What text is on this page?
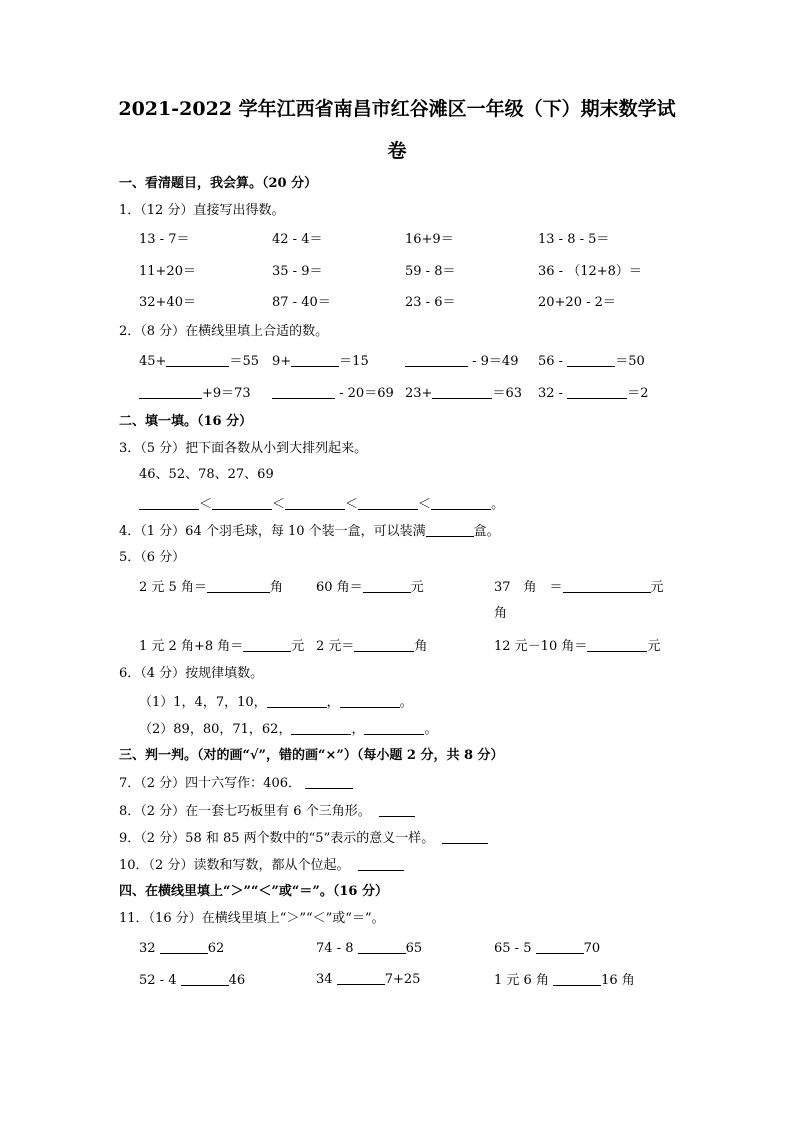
2021-2022 学年江西省南昌市红谷滩区一年级（下）期末数学试
卷
一、看清题目，我会算。（20 分）
1．（12 分）直接写出得数。
13 - 7＝	42 - 4＝	16+9＝	13 - 8 - 5＝
11+20＝	35 - 9＝	59 - 8＝	36 - （12+8）＝
32+40＝	87 - 40＝	23 - 6＝	20+20 - 2＝
2．（8 分）在横线里填上合适的数。
45+	＝55 9+	＝15	- 9＝49 56 -	＝50
+9＝73	- 20＝69 23+	＝63 32 -	＝2
二、填一填。（16 分）
3．（5 分）把下面各数从小到大排列起来。
46、52、78、27、69
＜	＜	＜	＜	。
4．（1 分）64 个羽毛球，每 10 个装一盒，可以装满	盒。
5．（6 分）
2 元 5 角＝	角	60 角＝	元	37　角　＝	元
角
1 元 2 角+8 角＝	元 2 元＝	角	12 元－10 角＝	元
6．（4 分）按规律填数。
（1）1，4，7，10，	，	。
（2）89，80，71，62，	，	。
三、判一判。（对的画“√”，错的画“×”）（每小题 2 分，共 8 分）
7．（2 分）四十六写作：406．
8．（2 分）在一套七巧板里有 6 个三角形。
9．（2 分）58 和 85 两个数中的“5”表示的意义一样。
10．（2 分）读数和写数，都从个位起。
四、在横线里填上“＞”“＜”或“＝”。（16 分）
11．（16 分）在横线里填上“＞”“＜”或“＝”。
32	62	74 - 8	65	65 - 5	70
52 - 4	46	34	7+25	1 元 6 角	16 角
